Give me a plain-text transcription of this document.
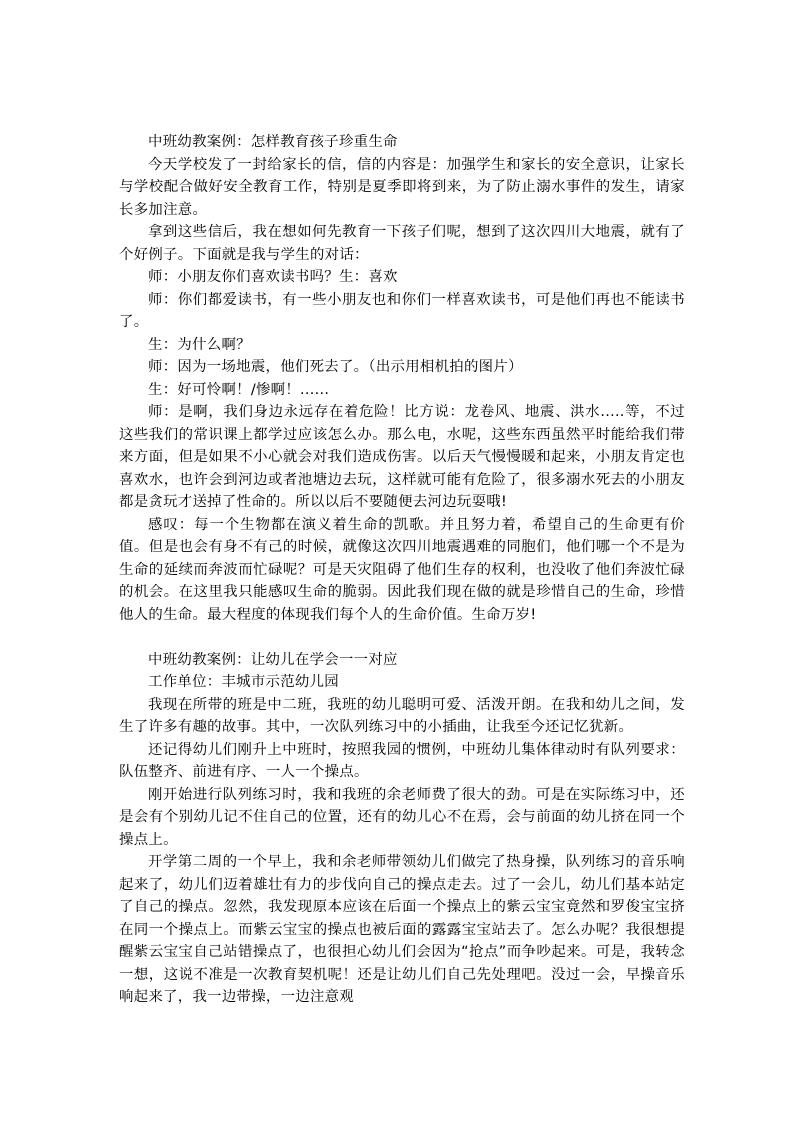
中班幼教案例：怎样教育孩子珍重生命

今天学校发了一封给家长的信，信的内容是：加强学生和家长的安全意识，让家长与学校配合做好安全教育工作，特别是夏季即将到来，为了防止溺水事件的发生，请家长多加注意。

拿到这些信后，我在想如何先教育一下孩子们呢，想到了这次四川大地震，就有了个好例子。下面就是我与学生的对话：

师：小朋友你们喜欢读书吗？生：喜欢

师：你们都爱读书，有一些小朋友也和你们一样喜欢读书，可是他们再也不能读书了。

生：为什么啊？

师：因为一场地震，他们死去了。（出示用相机拍的图片）

生：好可怜啊！/惨啊！......

师：是啊，我们身边永远存在着危险！比方说：龙卷风、地震、洪水.....等，不过这些我们的常识课上都学过应该怎么办。那么电，水呢，这些东西虽然平时能给我们带来方面，但是如果不小心就会对我们造成伤害。以后天气慢慢暖和起来，小朋友肯定也喜欢水，也许会到河边或者池塘边去玩，这样就可能有危险了，很多溺水死去的小朋友都是贪玩才送掉了性命的。所以以后不要随便去河边玩耍哦!

感叹：每一个生物都在演义着生命的凯歌。并且努力着，希望自己的生命更有价值。但是也会有身不有己的时候，就像这次四川地震遇难的同胞们，他们哪一个不是为生命的延续而奔波而忙碌呢？可是天灾阻碍了他们生存的权利，也没收了他们奔波忙碌的机会。在这里我只能感叹生命的脆弱。因此我们现在做的就是珍惜自己的生命，珍惜他人的生命。最大程度的体现我们每个人的生命价值。生命万岁!

中班幼教案例：让幼儿在学会一一对应

工作单位：丰城市示范幼儿园

我现在所带的班是中二班，我班的幼儿聪明可爱、活泼开朗。在我和幼儿之间，发生了许多有趣的故事。其中，一次队列练习中的小插曲，让我至今还记忆犹新。

还记得幼儿们刚升上中班时，按照我园的惯例，中班幼儿集体律动时有队列要求：队伍整齐、前进有序、一人一个操点。

刚开始进行队列练习时，我和我班的余老师费了很大的劲。可是在实际练习中，还是会有个别幼儿记不住自己的位置，还有的幼儿心不在焉，会与前面的幼儿挤在同一个操点上。

开学第二周的一个早上，我和余老师带领幼儿们做完了热身操，队列练习的音乐响起来了，幼儿们迈着雄壮有力的步伐向自己的操点走去。过了一会儿，幼儿们基本站定了自己的操点。忽然，我发现原本应该在后面一个操点上的紫云宝宝竟然和罗俊宝宝挤在同一个操点上。而紫云宝宝的操点也被后面的露露宝宝站去了。怎么办呢？我很想提醒紫云宝宝自己站错操点了，也很担心幼儿们会因为“抢点”而争吵起来。可是，我转念一想，这说不准是一次教育契机呢！还是让幼儿们自己先处理吧。没过一会，早操音乐响起来了，我一边带操，一边注意观
